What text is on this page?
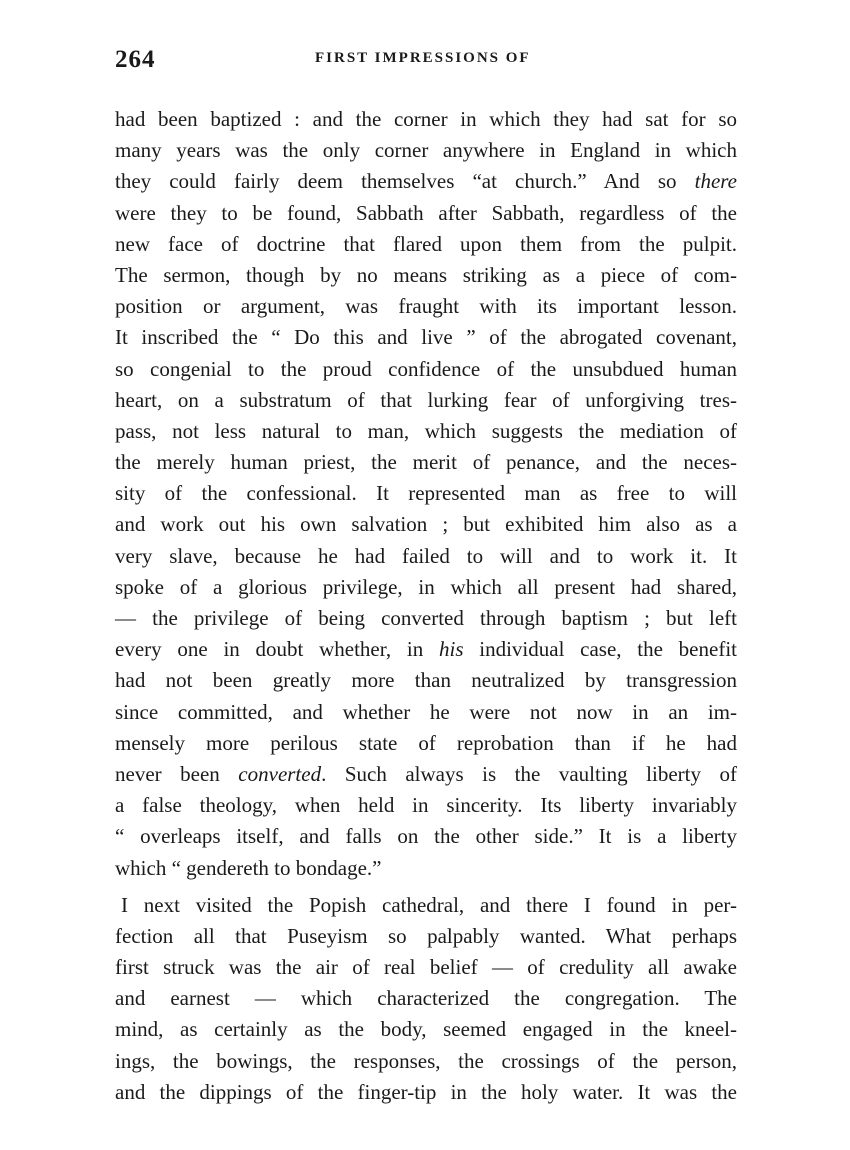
264	FIRST IMPRESSIONS OF
had been baptized : and the corner in which they had sat for so
many years was the only corner anywhere in England in which
they could fairly deem themselves “at church.” And so there
were they to be found, Sabbath after Sabbath, regardless of the
new face of doctrine that flared upon them from the pulpit.
The sermon, though by no means striking as a piece of com-
position or argument, was fraught with its important lesson.
It inscribed the “ Do this and live ” of the abrogated covenant,
so congenial to the proud confidence of the unsubdued human
heart, on a substratum of that lurking fear of unforgiving tres-
pass, not less natural to man, which suggests the mediation of
the merely human priest, the merit of penance, and the neces-
sity of the confessional. It represented man as free to will
and work out his own salvation ; but exhibited him also as a
very slave, because he had failed to will and to work it. It
spoke of a glorious privilege, in which all present had shared,
— the privilege of being converted through baptism ; but left
every one in doubt whether, in his individual case, the benefit
had not been greatly more than neutralized by transgression
since committed, and whether he were not now in an im-
mensely more perilous state of reprobation than if he had
never been converted. Such always is the vaulting liberty of
a false theology, when held in sincerity. Its liberty invariably
“ overleaps itself, and falls on the other side.” It is a liberty
which “ gendereth to bondage.”
I next visited the Popish cathedral, and there I found in per-
fection all that Puseyism so palpably wanted. What perhaps
first struck was the air of real belief — of credulity all awake
and earnest — which characterized the congregation. The
mind, as certainly as the body, seemed engaged in the kneel-
ings, the bowings, the responses, the crossings of the person,
and the dippings of the finger-tip in the holy water. It was the
